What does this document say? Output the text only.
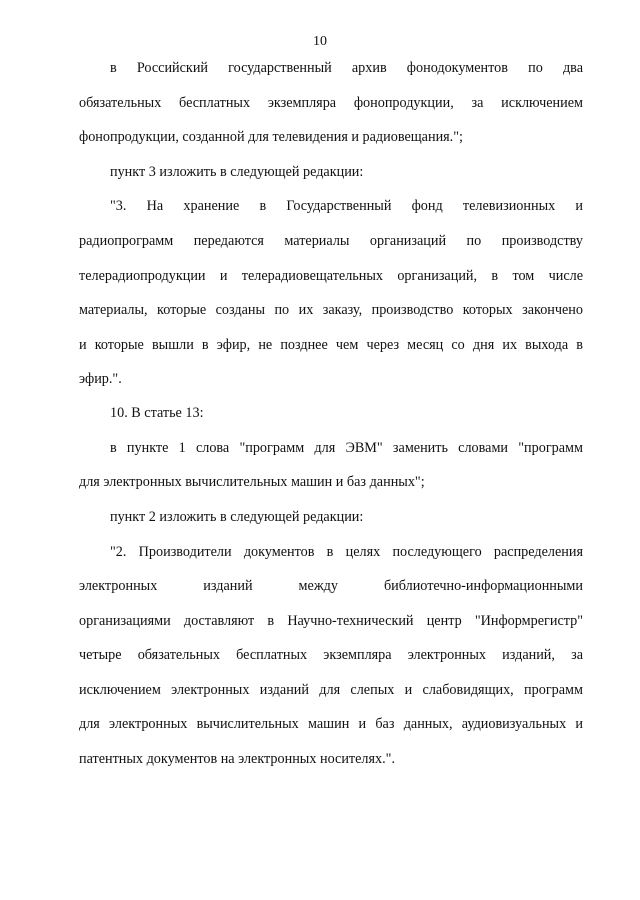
10
в Российский государственный архив фонодокументов по два
обязательных бесплатных экземпляра фонопродукции, за исключением
фонопродукции, созданной для телевидения и радиовещания.";
пункт 3 изложить в следующей редакции:
"3. На хранение в Государственный фонд телевизионных и
радиопрограмм передаются материалы организаций по производству
телерадиопродукции и телерадиовещательных организаций, в том числе
материалы, которые созданы по их заказу, производство которых закончено
и которые вышли в эфир, не позднее чем через месяц со дня их выхода в
эфир.".
10. В статье 13:
в пункте 1 слова "программ для ЭВМ" заменить словами "программ
для электронных вычислительных машин и баз данных";
пункт 2 изложить в следующей редакции:
"2. Производители документов в целях последующего распределения
электронных изданий между библиотечно-информационными
организациями доставляют в Научно-технический центр "Информрегистр"
четыре обязательных бесплатных экземпляра электронных изданий, за
исключением электронных изданий для слепых и слабовидящих, программ
для электронных вычислительных машин и баз данных, аудиовизуальных и
патентных документов на электронных носителях.".
